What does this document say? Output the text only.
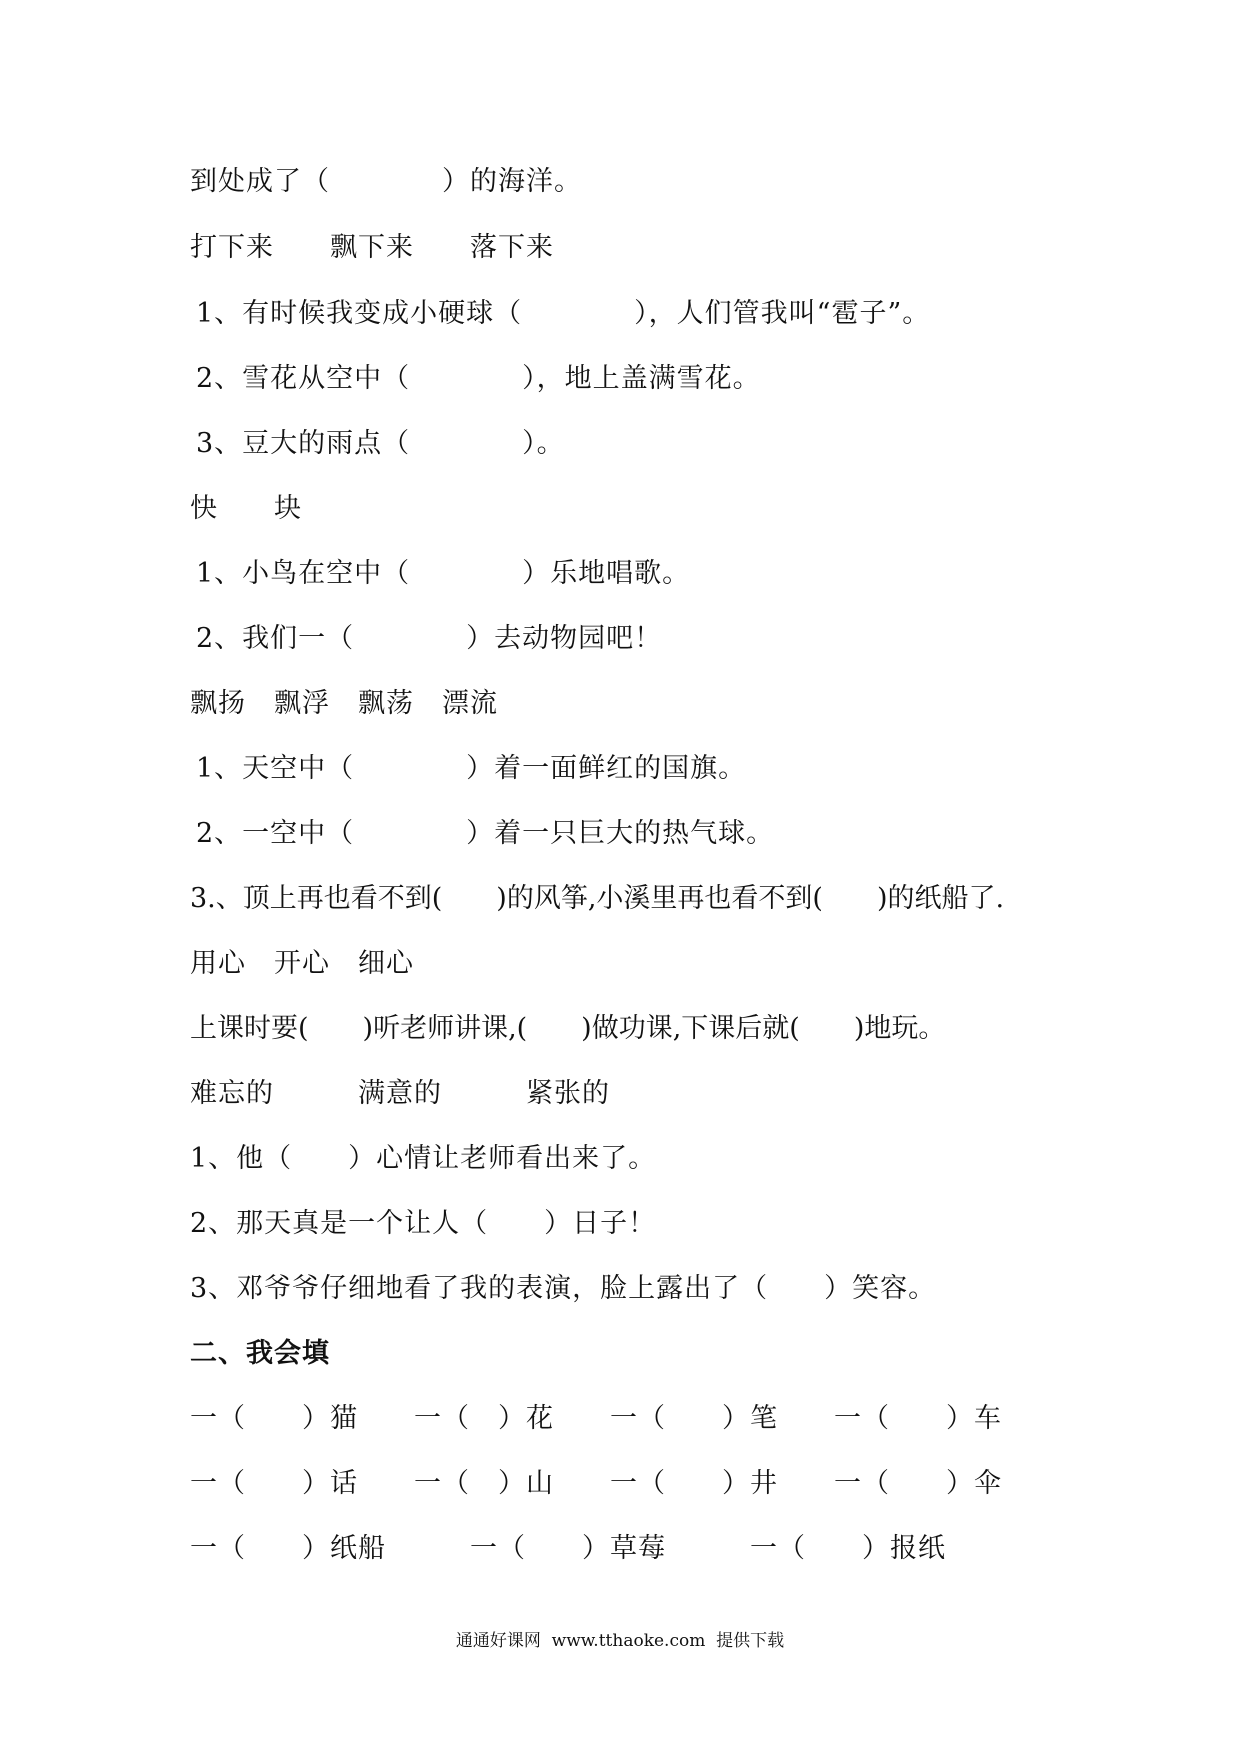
到处成了（　　　　）的海洋。
打下来　　飘下来　　落下来
1、有时候我变成小硬球（　　　　），人们管我叫“雹子”。
2、雪花从空中（　　　　），地上盖满雪花。
3、豆大的雨点（　　　　）。
快　　块
1、小鸟在空中（　　　　）乐地唱歌。
2、我们一（　　　　）去动物园吧！
飘扬　飘浮　飘荡　漂流
1、天空中（　　　　）着一面鲜红的国旗。
2、一空中（　　　　）着一只巨大的热气球。
3.、顶上再也看不到(　　)的风筝,小溪里再也看不到(　　)的纸船了.
用心　开心　细心
上课时要(　　)听老师讲课,(　　)做功课,下课后就(　　)地玩。
难忘的　　　满意的　　　紧张的
1、他（　　）心情让老师看出来了。
2、那天真是一个让人（　　）日子！
3、邓爷爷仔细地看了我的表演，脸上露出了（　　）笑容。
二、我会填
一（　　）猫　　一（　）花　　一（　　）笔　　一（　　）车
一（　　）话　　一（　）山　　一（　　）井　　一（　　）伞
一（　　）纸船　　　一（　　）草莓　　　一（　　）报纸
通通好课网  www.tthaoke.com  提供下载
